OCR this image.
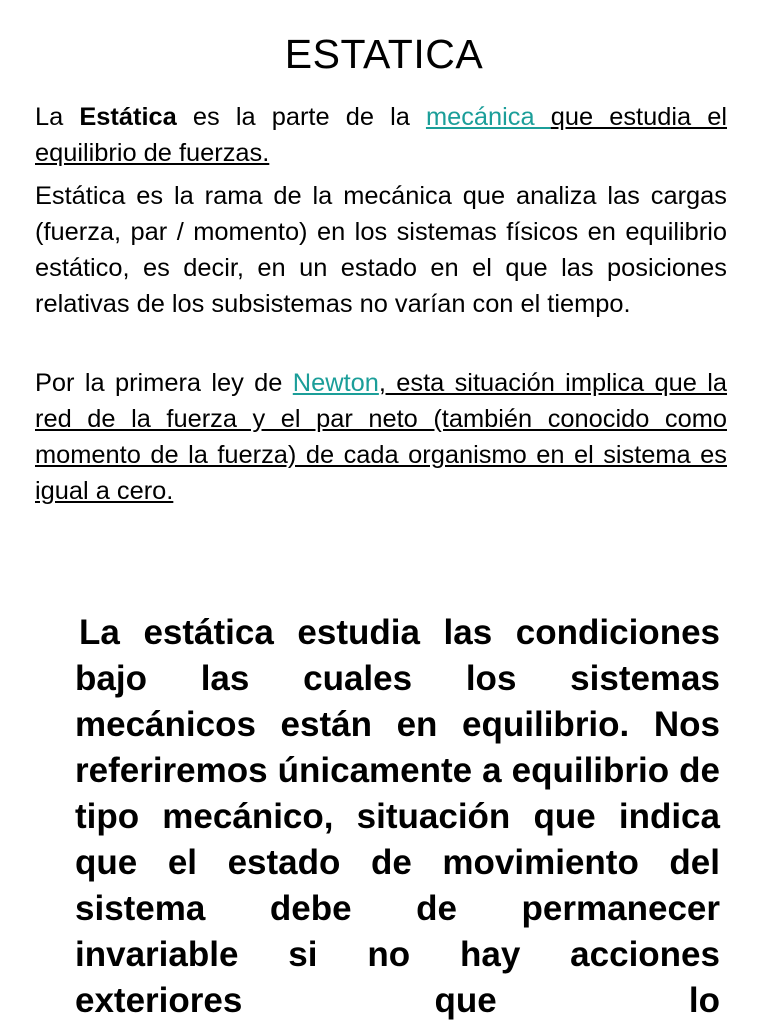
ESTATICA
La Estática es la parte de la mecánica que estudia el equilibrio de fuerzas.
Estática es la rama de la mecánica que analiza las cargas (fuerza, par / momento) en los sistemas físicos en equilibrio estático, es decir, en un estado en el que las posiciones relativas de los subsistemas no varían con el tiempo.
Por la primera ley de Newton, esta situación implica que la red de la fuerza y el par neto (también conocido como momento de la fuerza) de cada organismo en el sistema es igual a cero.
La estática estudia las condiciones bajo las cuales los sistemas mecánicos están en equilibrio. Nos referiremos únicamente a equilibrio de tipo mecánico, situación que indica que el estado de movimiento del sistema debe de permanecer invariable si no hay acciones exteriores que lo
